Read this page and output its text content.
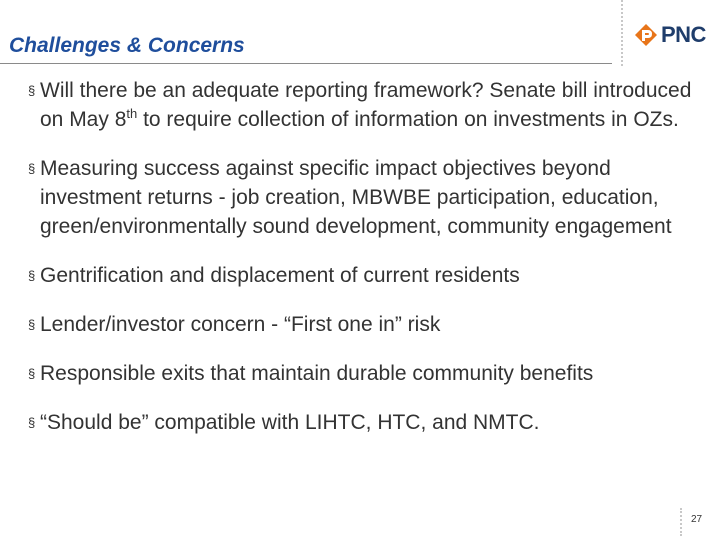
Challenges & Concerns	PNC
§ Will there be an adequate reporting framework? Senate bill introduced on May 8th to require collection of information on investments in OZs.
§ Measuring success against specific impact objectives beyond investment returns - job creation, MBWBE participation, education, green/environmentally sound development, community engagement
§ Gentrification and displacement of current residents
§ Lender/investor concern - “First one in” risk
§ Responsible exits that maintain durable community benefits
§ “Should be” compatible with LIHTC, HTC, and NMTC.
27
